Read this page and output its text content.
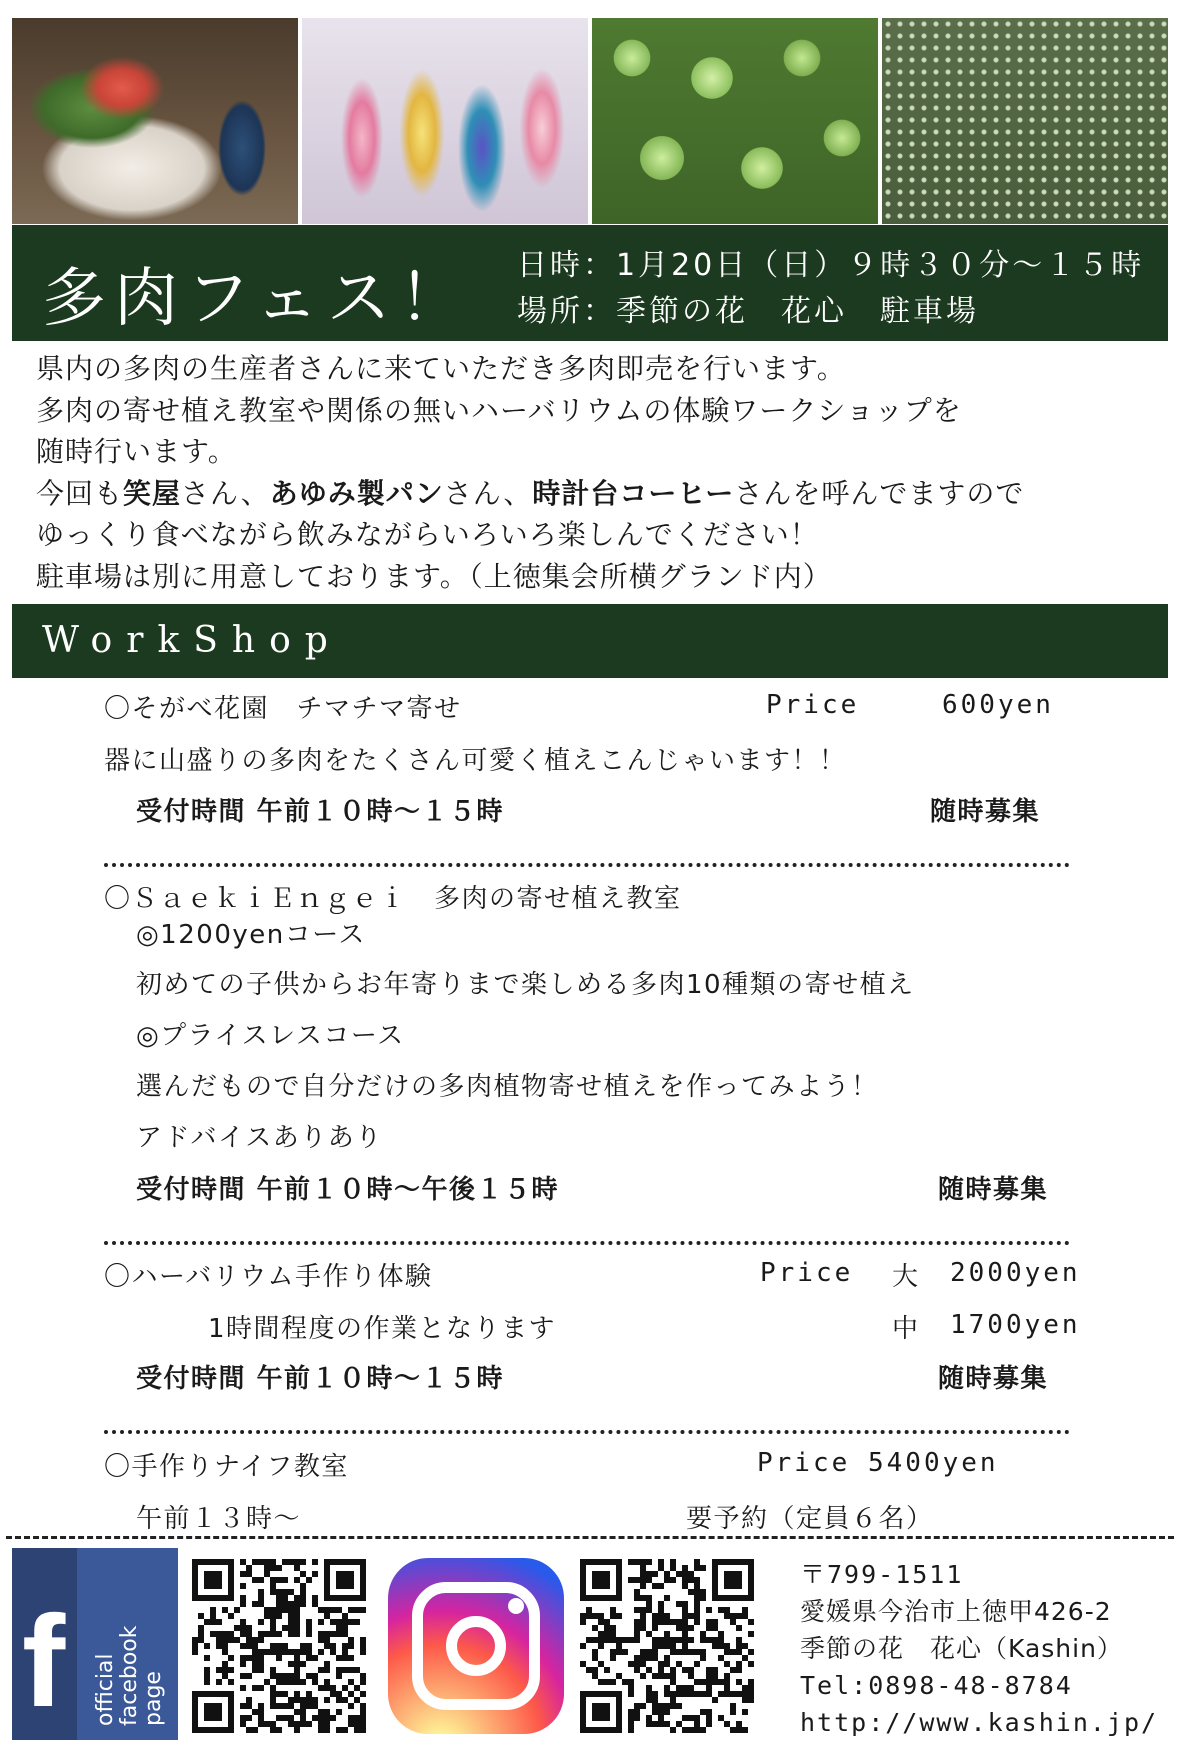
多肉フェス！ 日時：1月20日（日）９時３０分～１５時
場所：季節の花　花心　駐車場
県内の多肉の生産者さんに来ていただき多肉即売を行います。
多肉の寄せ植え教室や関係の無いハーバリウムの体験ワークショップを
随時行います。
今回も笑屋さん、あゆみ製パンさん、時計台コーヒーさんを呼んでますので
ゆっくり食べながら飲みながらいろいろ楽しんでください！
駐車場は別に用意しております。（上徳集会所横グランド内）
WorkShop
〇そがべ花園　チマチマ寄せ	Price	600yen
器に山盛りの多肉をたくさん可愛く植えこんじゃいます！！
受付時間 午前１０時～１５時	随時募集
〇ＳａｅｋｉＥｎｇｅｉ　多肉の寄せ植え教室
◎1200yenコース
初めての子供からお年寄りまで楽しめる多肉10種類の寄せ植え
◎プライスレスコース
選んだもので自分だけの多肉植物寄せ植えを作ってみよう！
アドバイスありあり
受付時間 午前１０時～午後１５時	随時募集
〇ハーバリウム手作り体験	Price 大 2000yen
1時間程度の作業となります	中 1700yen
受付時間 午前１０時～１５時	随時募集
〇手作りナイフ教室	Price 5400yen
午前１３時～	要予約（定員６名）
f official facebook page
〒799-1511
愛媛県今治市上徳甲426-2
季節の花　花心（Kashin）
Tel:0898-48-8784
http://www.kashin.jp/
